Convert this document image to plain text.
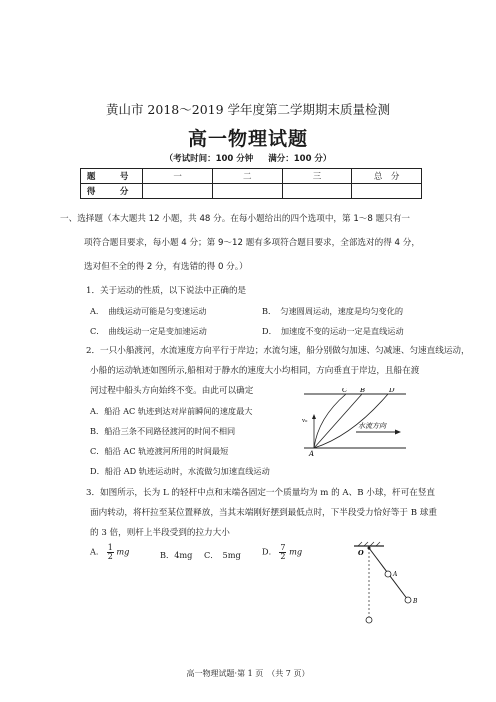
黄山市 2018～2019 学年度第二学期期末质量检测
高一物理试题
（考试时间：100 分钟 满分：100 分）
题　号	一	二	三	总　分
得　分				
一、选择题（本大题共 12 小题，共 48 分。在每小题给出的四个选项中，第 1～8 题只有一
项符合题目要求，每小题 4 分；第 9～12 题有多项符合题目要求，全部选对的得 4 分，
选对但不全的得 2 分，有选错的得 0 分。）
1．关于运动的性质，以下说法中正确的是
A．　曲线运动可能是匀变速运动	B．　匀速圆周运动，速度是均匀变化的
C．　曲线运动一定是变加速运动	D．　加速度不变的运动一定是直线运动
2．一只小船渡河，水流速度方向平行于岸边；水流匀速，船分别做匀加速、匀减速、匀速直线运动，
小船的运动轨迹如图所示,船相对于静水的速度大小均相同，方向垂直于岸边，且船在渡
河过程中船头方向始终不变。由此可以确定
A．船沿 AC 轨迹到达对岸前瞬间的速度最大
B．船沿三条不同路径渡河的时间不相同
C．船沿 AC 轨迹渡河所用的时间最短
D．船沿 AD 轨迹运动时，水流做匀加速直线运动
C B	D
A
v₀
水流方向
3．如图所示，长为 L 的轻杆中点和末端各固定一个质量均为 m 的 A、B 小球，杆可在竖直
面内转动，将杆拉至某位置释放，当其末端刚好摆到最低点时，下半段受力恰好等于 B 球重
的 3 倍，则杆上半段受到的拉力大小
A． $\frac{1}{2}$ mg	B．4mg C．　5mg	D． $\frac{7}{2}$ mg	O
A
B
高一物理试题·第 1 页　（共 7 页）
